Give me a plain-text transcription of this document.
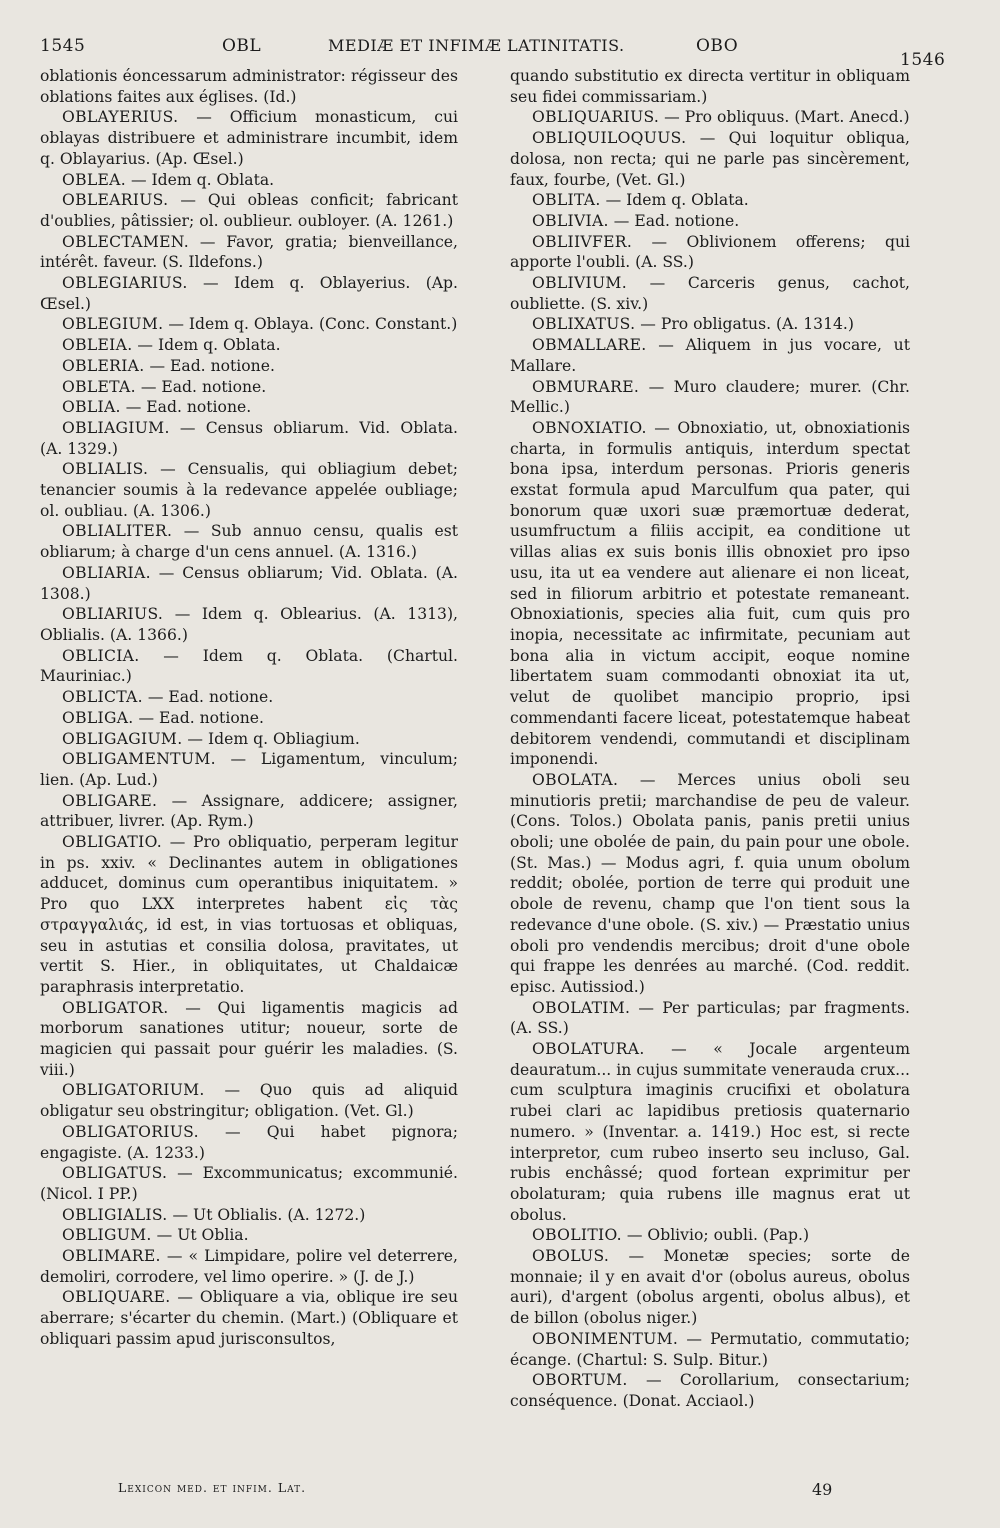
1545	OBL	MEDIÆ ET INFIMÆ LATINITATIS.	OBO
1546

oblationis éoncessarum administrator: régisseur des oblations faites aux églises. (Id.)

OBLAYERIUS. — Officium monasticum, cui oblayas distribuere et administrare incumbit, idem q. Oblayarius. (Ap. Œsel.)

OBLEA. — Idem q. Oblata.

OBLEARIUS. — Qui obleas conficit; fabricant d'oublies, pâtissier; ol. oublieur. oubloyer. (A. 1261.)

OBLECTAMEN. — Favor, gratia; bienveillance, intérêt. faveur. (S. Ildefons.)

OBLEGIARIUS. — Idem q. Oblayerius. (Ap. Œsel.)

OBLEGIUM. — Idem q. Oblaya. (Conc. Constant.)

OBLEIA. — Idem q. Oblata.

OBLERIA. — Ead. notione.

OBLETA. — Ead. notione.

OBLIA. — Ead. notione.

OBLIAGIUM. — Census obliarum. Vid. Oblata. (A. 1329.)

OBLIALIS. — Censualis, qui obliagium debet; tenancier soumis à la redevance appelée oubliage; ol. oubliau. (A. 1306.)

OBLIALITER. — Sub annuo censu, qualis est obliarum; à charge d'un cens annuel. (A. 1316.)

OBLIARIA. — Census obliarum; Vid. Oblata. (A. 1308.)

OBLIARIUS. — Idem q. Oblearius. (A. 1313), Oblialis. (A. 1366.)

OBLICIA. — Idem q. Oblata. (Chartul. Mauriniac.)

OBLICTA. — Ead. notione.

OBLIGA. — Ead. notione.

OBLIGAGIUM. — Idem q. Obliagium.

OBLIGAMENTUM. — Ligamentum, vinculum; lien. (Ap. Lud.)

OBLIGARE. — Assignare, addicere; assigner, attribuer, livrer. (Ap. Rym.)

OBLIGATIO. — Pro obliquatio, perperam legitur in ps. xxiv. « Declinantes autem in obligationes adducet, dominus cum operantibus iniquitatem. » Pro quo LXX interpretes habent εἰς τὰς στραγγαλιάς, id est, in vias tortuosas et obliquas, seu in astutias et consilia dolosa, pravitates, ut vertit S. Hier., in obliquitates, ut Chaldaicæ paraphrasis interpretatio.

OBLIGATOR. — Qui ligamentis magicis ad morborum sanationes utitur; noueur, sorte de magicien qui passait pour guérir les maladies. (S. viii.)

OBLIGATORIUM. — Quo quis ad aliquid obligatur seu obstringitur; obligation. (Vet. Gl.)

OBLIGATORIUS. — Qui habet pignora; engagiste. (A. 1233.)

OBLIGATUS. — Excommunicatus; excommunié. (Nicol. I PP.)

OBLIGIALIS. — Ut Oblialis. (A. 1272.)

OBLIGUM. — Ut Oblia.

OBLIMARE. — « Limpidare, polire vel deterrere, demoliri, corrodere, vel limo operire. » (J. de J.)

OBLIQUARE. — Obliquare a via, oblique ire seu aberrare; s'écarter du chemin. (Mart.) (Obliquare et obliquari passim apud jurisconsultos,

quando substitutio ex directa vertitur in obliquam seu fidei commissariam.)

OBLIQUARIUS. — Pro obliquus. (Mart. Anecd.)

OBLIQUILOQUUS. — Qui loquitur obliqua, dolosa, non recta; qui ne parle pas sincèrement, faux, fourbe, (Vet. Gl.)

OBLITA. — Idem q. Oblata.

OBLIVIA. — Ead. notione.

OBLIIVFER. — Oblivionem offerens; qui apporte l'oubli. (A. SS.)

OBLIVIUM. — Carceris genus, cachot, oubliette. (S. xiv.)

OBLIXATUS. — Pro obligatus. (A. 1314.)

OBMALLARE. — Aliquem in jus vocare, ut Mallare.

OBMURARE. — Muro claudere; murer. (Chr. Mellic.)

OBNOXIATIO. — Obnoxiatio, ut, obnoxiationis charta, in formulis antiquis, interdum spectat bona ipsa, interdum personas. Prioris generis exstat formula apud Marculfum qua pater, qui bonorum quæ uxori suæ præmortuæ dederat, usumfructum a filiis accipit, ea conditione ut villas alias ex suis bonis illis obnoxiet pro ipso usu, ita ut ea vendere aut alienare ei non liceat, sed in filiorum arbitrio et potestate remaneant. Obnoxiationis, species alia fuit, cum quis pro inopia, necessitate ac infirmitate, pecuniam aut bona alia in victum accipit, eoque nomine libertatem suam commodanti obnoxiat ita ut, velut de quolibet mancipio proprio, ipsi commendanti facere liceat, potestatemque habeat debitorem vendendi, commutandi et disciplinam imponendi.

OBOLATA. — Merces unius oboli seu minutioris pretii; marchandise de peu de valeur. (Cons. Tolos.) Obolata panis, panis pretii unius oboli; une obolée de pain, du pain pour une obole. (St. Mas.) — Modus agri, f. quia unum obolum reddit; obolée, portion de terre qui produit une obole de revenu, champ que l'on tient sous la redevance d'une obole. (S. xiv.) — Præstatio unius oboli pro vendendis mercibus; droit d'une obole qui frappe les denrées au marché. (Cod. reddit. episc. Autissiod.)

OBOLATIM. — Per particulas; par fragments. (A. SS.)

OBOLATURA. — « Jocale argenteum deauratum... in cujus summitate venerauda crux... cum sculptura imaginis crucifixi et obolatura rubei clari ac lapidibus pretiosis quaternario numero. » (Inventar. a. 1419.) Hoc est, si recte interpretor, cum rubeo inserto seu incluso, Gal. rubis enchâssé; quod fortean exprimitur per obolaturam; quia rubens ille magnus erat ut obolus.

OBOLITIO. — Oblivio; oubli. (Pap.)

OBOLUS. — Monetæ species; sorte de monnaie; il y en avait d'or (obolus aureus, obolus auri), d'argent (obolus argenti, obolus albus), et de billon (obolus niger.)

OBONIMENTUM. — Permutatio, commutatio; écange. (Chartul: S. Sulp. Bitur.)

OBORTUM. — Corollarium, consectarium; conséquence. (Donat. Acciaol.)

Lexicon med. et infim. Lat.	49
